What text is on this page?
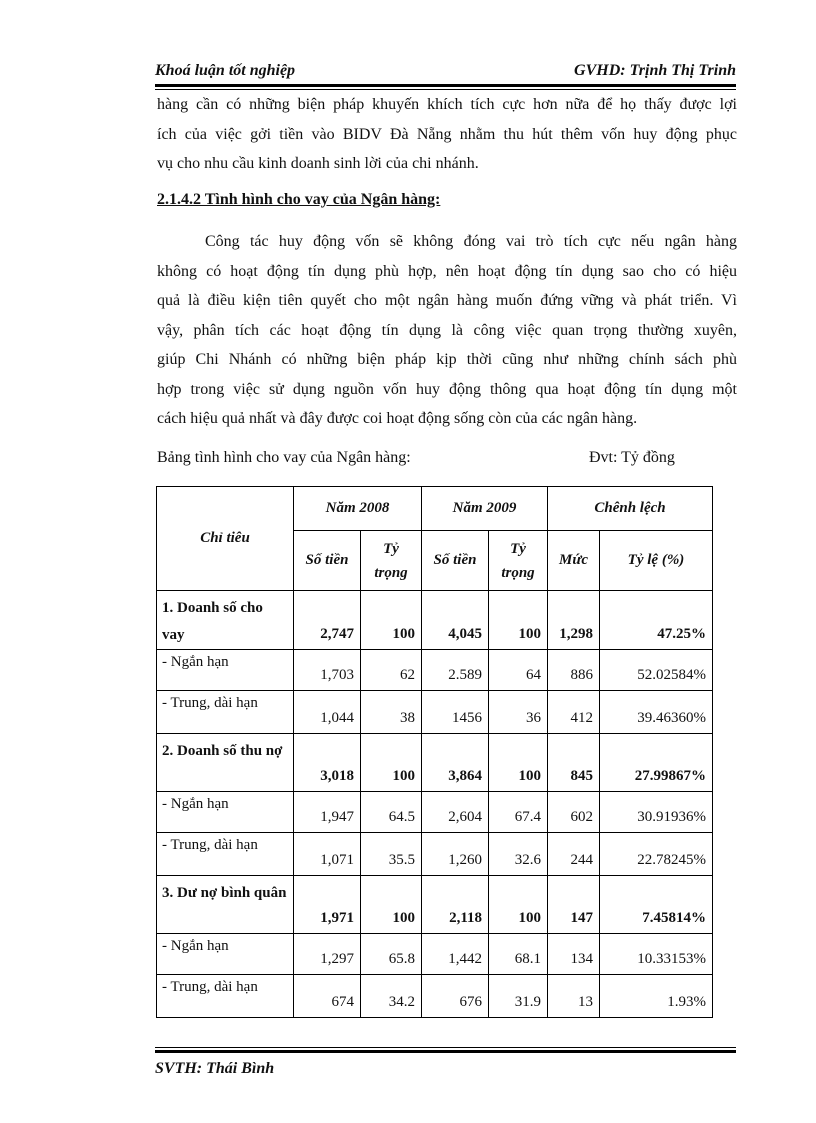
Khoá luận tốt nghiệp	GVHD: Trịnh Thị Trinh
hàng cần có những biện pháp khuyến khích tích cực hơn nữa để họ thấy được lợi
ích của việc gởi tiền vào BIDV Đà Nẵng nhằm thu hút thêm vốn huy động phục
vụ cho nhu cầu kinh doanh sinh lời của chi nhánh.
2.1.4.2 Tình hình cho vay của Ngân hàng:
Công tác huy động vốn sẽ không đóng vai trò tích cực nếu ngân hàng
không có hoạt động tín dụng phù hợp, nên hoạt động tín dụng sao cho có hiệu
quả là điều kiện tiên quyết cho một ngân hàng muốn đứng vững và phát triển. Vì
vậy, phân tích các hoạt động tín dụng là công việc quan trọng thường xuyên,
giúp Chi Nhánh có những biện pháp kịp thời cũng như những chính sách phù
hợp trong việc sử dụng nguồn vốn huy động thông qua hoạt động tín dụng một
cách hiệu quả nhất và đây được coi hoạt động sống còn của các ngân hàng.
Bảng tình hình cho vay của Ngân hàng:	Đvt: Tỷ đồng
Chỉ tiêu	Năm 2008		Năm 2009		Chênh lệch	
	Số tiền	Tỷ trọng	Số tiền	Tỷ trọng	Mức	Tỷ lệ (%)
1. Doanh số cho vay	2,747	100	4,045	100	1,298	47.25%
- Ngắn hạn	1,703	62	2.589	64	886	52.02584%
- Trung, dài hạn	1,044	38	1456	36	412	39.46360%
2. Doanh số thu nợ	3,018	100	3,864	100	845	27.99867%
- Ngắn hạn	1,947	64.5	2,604	67.4	602	30.91936%
- Trung, dài hạn	1,071	35.5	1,260	32.6	244	22.78245%
3. Dư nợ bình quân	1,971	100	2,118	100	147	7.45814%
- Ngắn hạn	1,297	65.8	1,442	68.1	134	10.33153%
- Trung, dài hạn	674	34.2	676	31.9	13	1.93%
SVTH: Thái Bình
